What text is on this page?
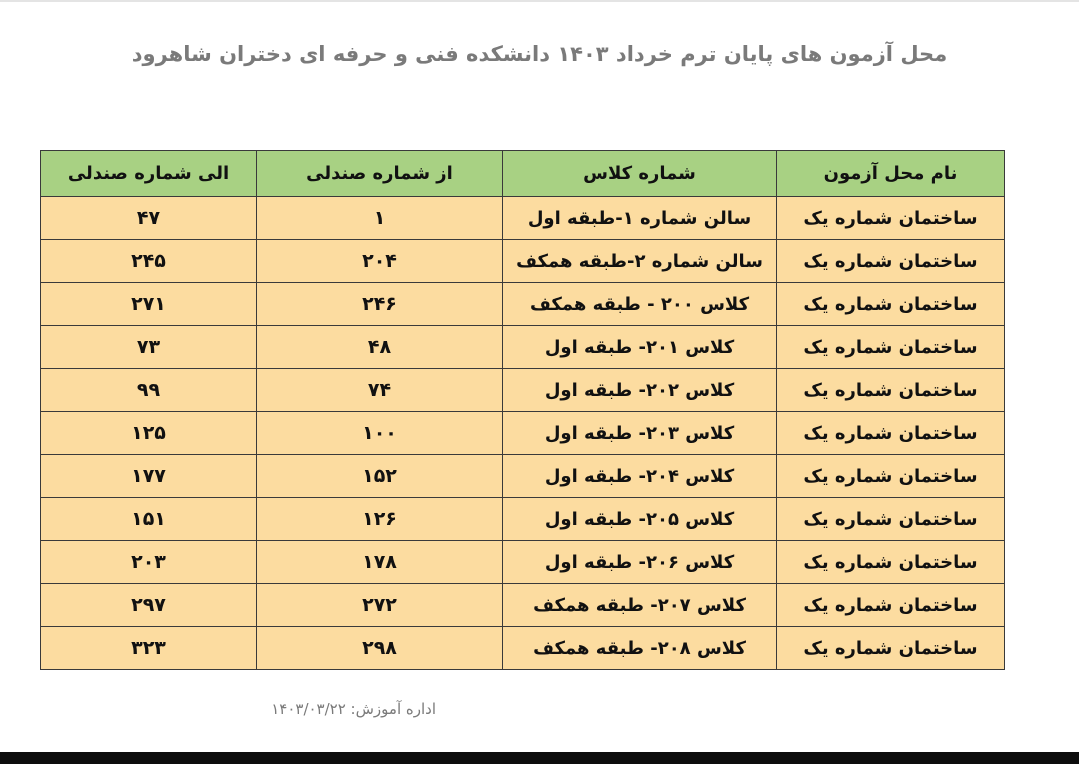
محل آزمون های پایان ترم خرداد ۱۴۰۳ دانشکده فنی و حرفه ای دختران شاهرود
نام محل آزمون	شماره کلاس	از شماره صندلی	الی شماره صندلی
ساختمان شماره یک	سالن شماره ۱-طبقه اول	۱	۴۷
ساختمان شماره یک	سالن شماره ۲-طبقه همکف	۲۰۴	۲۴۵
ساختمان شماره یک	کلاس ۲۰۰ - طبقه همکف	۲۴۶	۲۷۱
ساختمان شماره یک	کلاس ۲۰۱- طبقه اول	۴۸	۷۳
ساختمان شماره یک	کلاس ۲۰۲- طبقه اول	۷۴	۹۹
ساختمان شماره یک	کلاس ۲۰۳- طبقه اول	۱۰۰	۱۲۵
ساختمان شماره یک	کلاس ۲۰۴- طبقه اول	۱۵۲	۱۷۷
ساختمان شماره یک	کلاس ۲۰۵- طبقه اول	۱۲۶	۱۵۱
ساختمان شماره یک	کلاس ۲۰۶- طبقه اول	۱۷۸	۲۰۳
ساختمان شماره یک	کلاس ۲۰۷- طبقه همکف	۲۷۲	۲۹۷
ساختمان شماره یک	کلاس ۲۰۸- طبقه همکف	۲۹۸	۳۲۳
اداره آموزش: ۱۴۰۳/۰۳/۲۲
